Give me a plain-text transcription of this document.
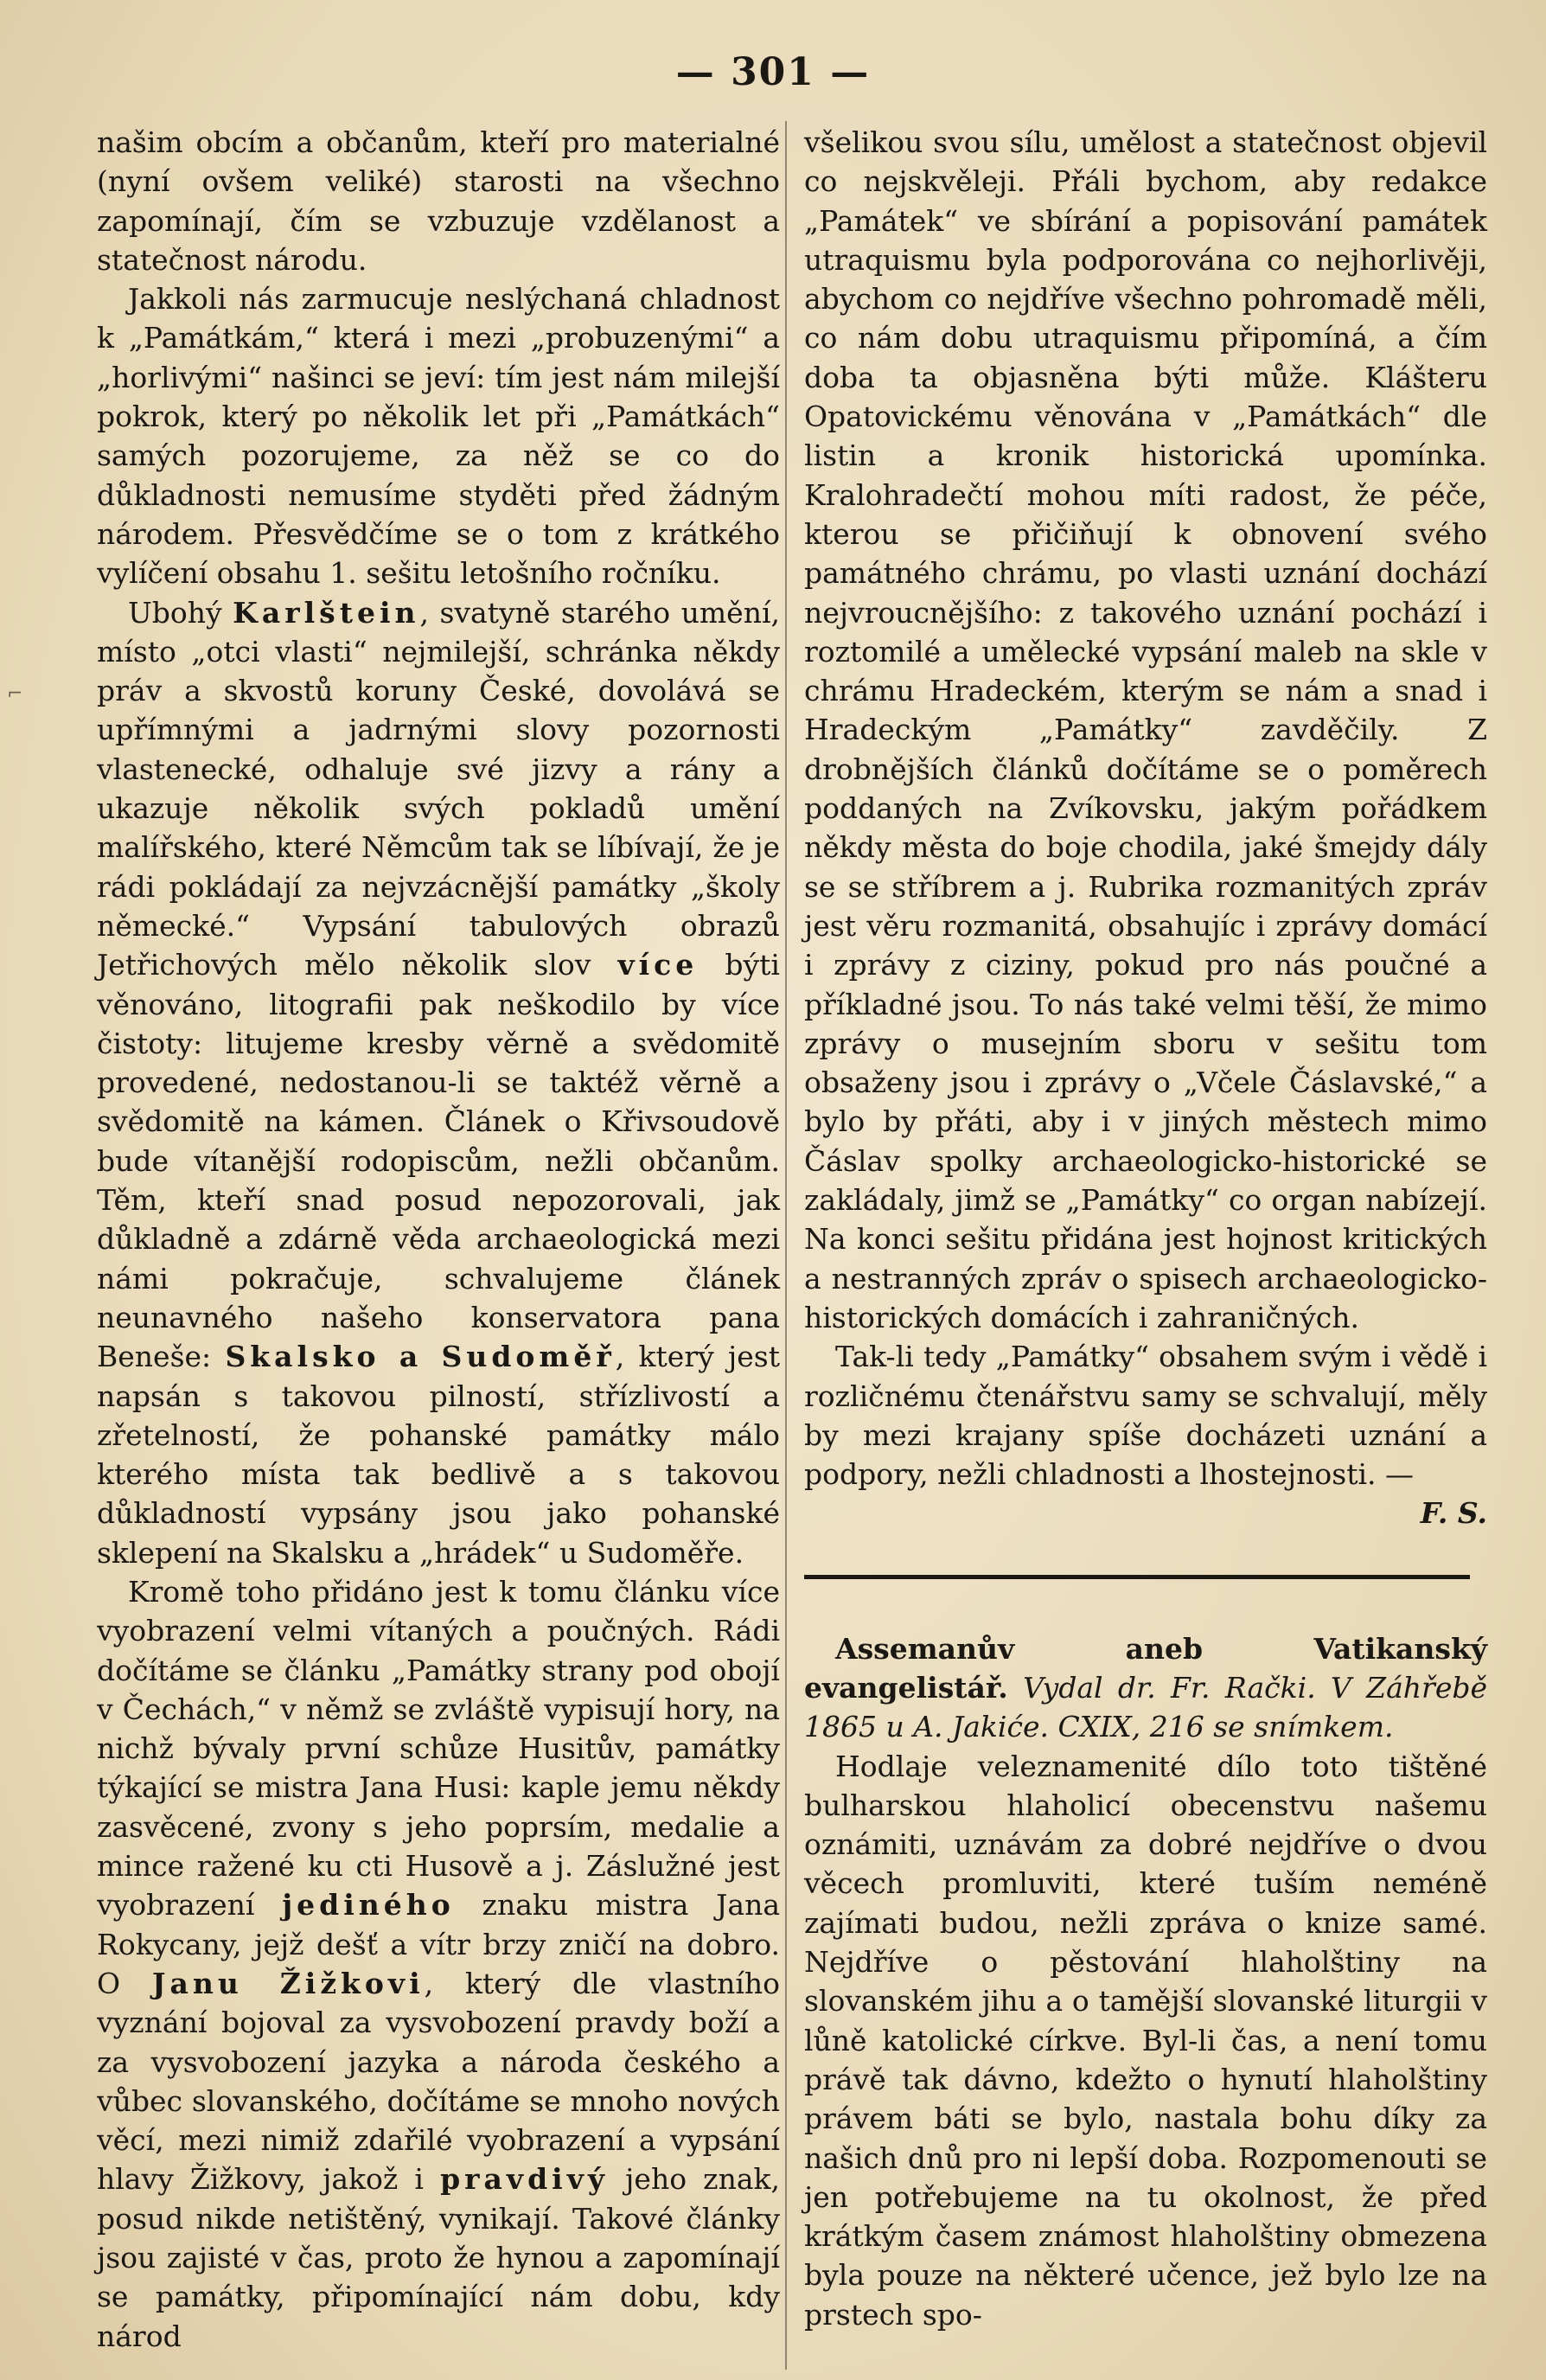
— 301 —
⌐

našim obcím a občanům, kteří pro materialné (nyní ovšem veliké) starosti na všechno zapomínají, čím se vzbuzuje vzdělanost a statečnost národu.

Jakkoli nás zarmucuje neslýchaná chladnost k „Památkám,“ která i mezi „probuzenými“ a „horlivými“ našinci se jeví: tím jest nám milejší pokrok, který po několik let při „Památkách“ samých pozorujeme, za něž se co do důkladnosti nemusíme styděti před žádným národem. Přesvědčíme se o tom z krátkého vylíčení obsahu 1. sešitu letošního ročníku.

Ubohý Karlštein, svatyně starého umění, místo „otci vlasti“ nejmilejší, schránka někdy práv a skvostů koruny České, dovolává se upřímnými a jadrnými slovy pozornosti vlastenecké, odhaluje své jizvy a rány a ukazuje několik svých pokladů umění malířského, které Němcům tak se líbívají, že je rádi pokládají za nejvzácnější památky „školy německé.“ Vypsání tabulových obrazů Jetřichových mělo několik slov více býti věnováno, litografii pak neškodilo by více čistoty: litujeme kresby věrně a svědomitě provedené, nedostanou-li se taktéž věrně a svědomitě na kámen. Článek o Křivsoudově bude vítanější rodopiscům, nežli občanům. Těm, kteří snad posud nepozorovali, jak důkladně a zdárně věda archaeologická mezi námi pokračuje, schvalujeme článek neunavného našeho konservatora pana Beneše: Skalsko a Sudoměř, který jest napsán s takovou pilností, střízlivostí a zřetelností, že pohanské památky málo kterého místa tak bedlivě a s takovou důkladností vypsány jsou jako pohanské sklepení na Skalsku a „hrádek“ u Sudoměře.

Kromě toho přidáno jest k tomu článku více vyobrazení velmi vítaných a poučných. Rádi dočítáme se článku „Památky strany pod obojí v Čechách,“ v němž se zvláště vypisují hory, na nichž bývaly první schůze Husitův, památky týkající se mistra Jana Husi: kaple jemu někdy zasvěcené, zvony s jeho poprsím, medalie a mince ražené ku cti Husově a j. Záslužné jest vyobrazení jediného znaku mistra Jana Rokycany, jejž dešť a vítr brzy zničí na dobro. O Janu Žižkovi, který dle vlastního vyznání bojoval za vysvobození pravdy boží a za vysvobození jazyka a národa českého a vůbec slovanského, dočítáme se mnoho nových věcí, mezi nimiž zdařilé vyobrazení a vypsání hlavy Žižkovy, jakož i pravdivý jeho znak, posud nikde netištěný, vynikají. Takové články jsou zajisté v čas, proto že hynou a zapomínají se památky, připomínající nám dobu, kdy národ

všelikou svou sílu, umělost a statečnost objevil co nejskvěleji. Přáli bychom, aby redakce „Památek“ ve sbírání a popisování památek utraquismu byla podporována co nejhorlivěji, abychom co nejdříve všechno pohromadě měli, co nám dobu utraquismu připomíná, a čím doba ta objasněna býti může. Klášteru Opatovickému věnována v „Památkách“ dle listin a kronik historická upomínka. Kralohradečtí mohou míti radost, že péče, kterou se přičiňují k obnovení svého památného chrámu, po vlasti uznání dochází nejvroucnějšího: z takového uznání pochází i roztomilé a umělecké vypsání maleb na skle v chrámu Hradeckém, kterým se nám a snad i Hradeckým „Památky“ zavděčily. Z drobnějších článků dočítáme se o poměrech poddaných na Zvíkovsku, jakým pořádkem někdy města do boje chodila, jaké šmejdy dály se se stříbrem a j. Rubrika rozmanitých zpráv jest věru rozmanitá, obsahujíc i zprávy domácí i zprávy z ciziny, pokud pro nás poučné a příkladné jsou. To nás také velmi těší, že mimo zprávy o musejním sboru v sešitu tom obsaženy jsou i zprávy o „Včele Čáslavské,“ a bylo by přáti, aby i v jiných městech mimo Čáslav spolky archaeologicko-historické se zakládaly, jimž se „Památky“ co organ nabízejí. Na konci sešitu přidána jest hojnost kritických a nestranných zpráv o spisech archaeologicko-historických domácích i zahraničných.

Tak-li tedy „Památky“ obsahem svým i vědě i rozličnému čtenářstvu samy se schvalují, měly by mezi krajany spíše docházeti uznání a podpory, nežli chladnosti a lhostejnosti. —

F. S.

Assemanův aneb Vatikanský evangelistář. Vydal dr. Fr. Rački. V Záhřebě 1865 u A. Jakiće. CXIX, 216 se snímkem.

Hodlaje veleznamenité dílo toto tištěné bulharskou hlaholicí obecenstvu našemu oznámiti, uznávám za dobré nejdříve o dvou věcech promluviti, které tuším neméně zajímati budou, nežli zpráva o knize samé. Nejdříve o pěstování hlaholštiny na slovanském jihu a o tamější slovanské liturgii v lůně katolické církve. Byl-li čas, a není tomu právě tak dávno, kdežto o hynutí hlaholštiny právem báti se bylo, nastala bohu díky za našich dnů pro ni lepší doba. Rozpomenouti se jen potřebujeme na tu okolnost, že před krátkým časem známost hlaholštiny obmezena byla pouze na některé učence, jež bylo lze na prstech spo-
